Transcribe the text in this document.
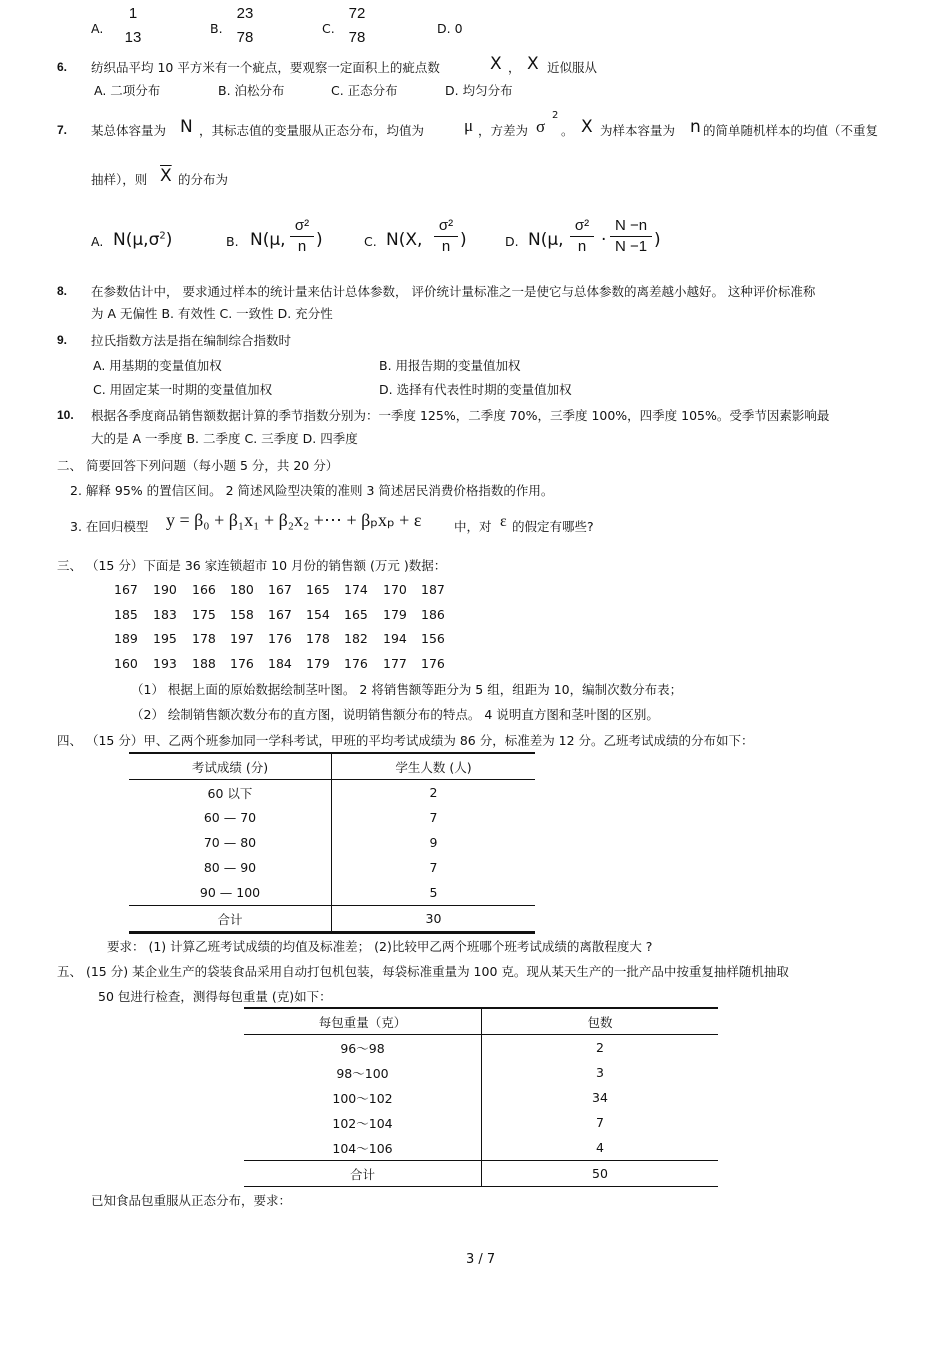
A.
1
13
B.
23
78
C.
72
78
D. 0
6. 纺织品平均 10 平方米有一个疵点，要观察一定面积上的疵点数	X ， X 近似服从
A. 二项分布	B. 泊松分布	C. 正态分布	D. 均匀分布
7. 某总体容量为 N ，其标志值的变量服从正态分布，均值为 μ ，方差为 σ
2
。 X 为样本容量为 n 的简单随机样本的均值（不重复
抽样），则 $\overline{X}$ 的分布为
A. $N(\mu,\sigma^2)$	B. N(μ,
σ²
n )	C. N(X,
σ²
n )	D. N(μ,
σ²
n ·
N −n
N −1 )
8. 在参数估计中， 要求通过样本的统计量来估计总体参数， 评价统计量标准之一是使它与总体参数的离差越小越好。 这种评价标准称
为 A 无偏性 B. 有效性 C. 一致性 D. 充分性
9. 拉氏指数方法是指在编制综合指数时
A. 用基期的变量值加权	B. 用报告期的变量值加权
C. 用固定某一时期的变量值加权	D. 选择有代表性时期的变量值加权
10. 根据各季度商品销售额数据计算的季节指数分别为：一季度 125%，二季度 70%，三季度 100%，四季度 105%。受季节因素影响最
大的是 A 一季度 B. 二季度 C. 三季度 D. 四季度
二、 简要回答下列问题（每小题 5 分，共 20 分）
2. 解释 95% 的置信区间。 2 简述风险型决策的准则 3 简述居民消费价格指数的作用。
3. 在回归模型 y = β₀ + β₁x₁ + β₂x₂ +⋯ + βₚxₚ + ε	中，对 ε 的假定有哪些?
三、 （15 分）下面是 36 家连锁超市 10 月份的销售额 (万元 )数据：
167 190 166 180 167 165 174 170 187
185 183 175 158 167 154 165 179 186
189 195 178 197 176 178 182 194 156
160 193 188 176 184 179 176 177 176
（1） 根据上面的原始数据绘制茎叶图。 2 将销售额等距分为 5 组，组距为 10，编制次数分布表；
（2） 绘制销售额次数分布的直方图，说明销售额分布的特点。 4 说明直方图和茎叶图的区别。
四、 （15 分）甲、乙两个班参加同一学科考试，甲班的平均考试成绩为 86 分，标准差为 12 分。乙班考试成绩的分布如下：
考试成绩 (分)	学生人数 (人)
60 以下	2
60 — 70	7
70 — 80	9
80 — 90	7
90 — 100	5
合计	30
要求： (1) 计算乙班考试成绩的均值及标准差； (2)比较甲乙两个班哪个班考试成绩的离散程度大 ?
五、 (15 分) 某企业生产的袋装食品采用自动打包机包装，每袋标准重量为 100 克。现从某天生产的一批产品中按重复抽样随机抽取
50 包进行检查，测得每包重量 (克)如下：
每包重量（克）	包数
96～98	2
98～100	3
100～102	34
102～104	7
104～106	4
合计	50
已知食品包重服从正态分布，要求：
3 / 7
